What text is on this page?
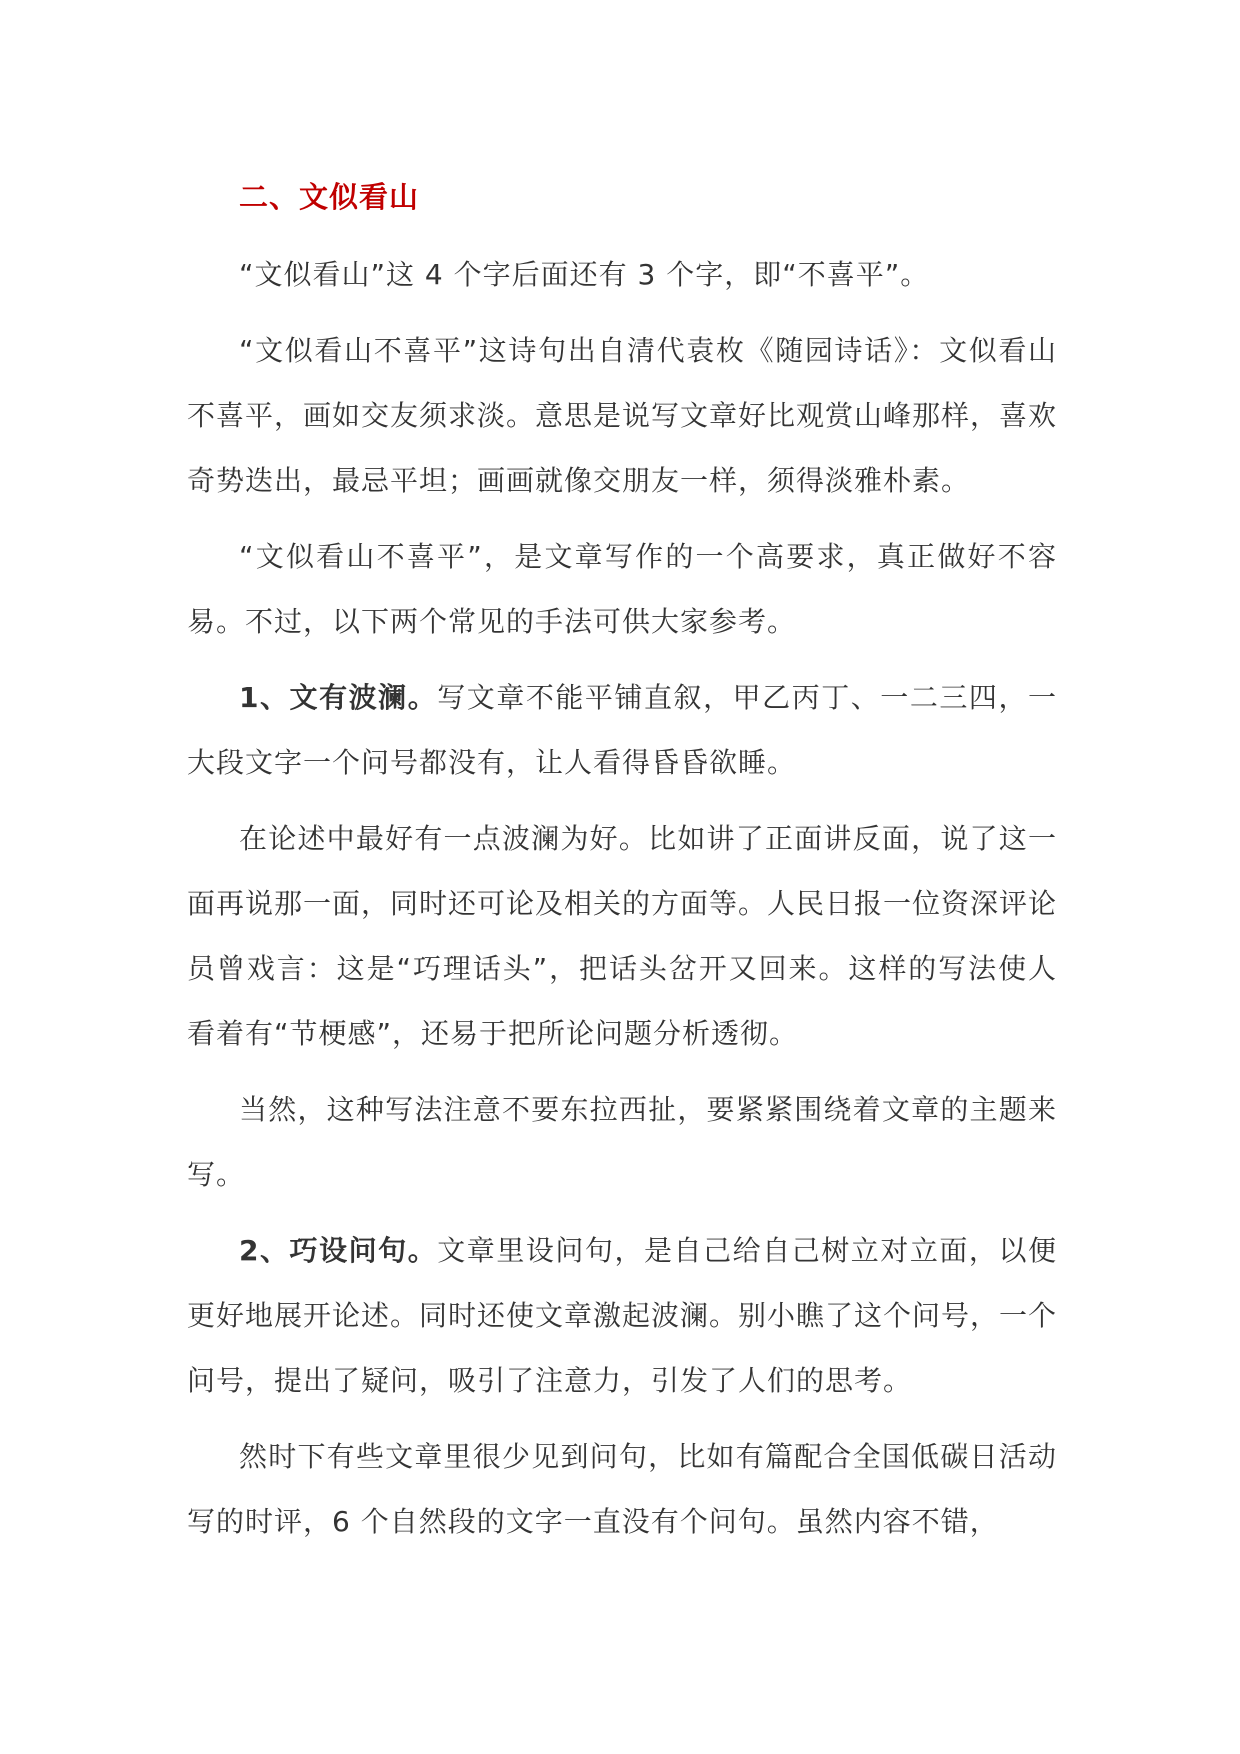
二、文似看山

“文似看山”这 4 个字后面还有 3 个字，即“不喜平”。

“文似看山不喜平”这诗句出自清代袁枚《随园诗话》：文似看山不喜平，画如交友须求淡。意思是说写文章好比观赏山峰那样，喜欢奇势迭出，最忌平坦；画画就像交朋友一样，须得淡雅朴素。

“文似看山不喜平”，是文章写作的一个高要求，真正做好不容易。不过，以下两个常见的手法可供大家参考。

1、文有波澜。写文章不能平铺直叙，甲乙丙丁、一二三四，一大段文字一个问号都没有，让人看得昏昏欲睡。

在论述中最好有一点波澜为好。比如讲了正面讲反面，说了这一面再说那一面，同时还可论及相关的方面等。人民日报一位资深评论员曾戏言：这是“巧理话头”，把话头岔开又回来。这样的写法使人看着有“节梗感”，还易于把所论问题分析透彻。

当然，这种写法注意不要东拉西扯，要紧紧围绕着文章的主题来写。

2、巧设问句。文章里设问句，是自己给自己树立对立面，以便更好地展开论述。同时还使文章激起波澜。别小瞧了这个问号，一个问号，提出了疑问，吸引了注意力，引发了人们的思考。

然时下有些文章里很少见到问句，比如有篇配合全国低碳日活动写的时评，6 个自然段的文字一直没有个问句。虽然内容不错，
